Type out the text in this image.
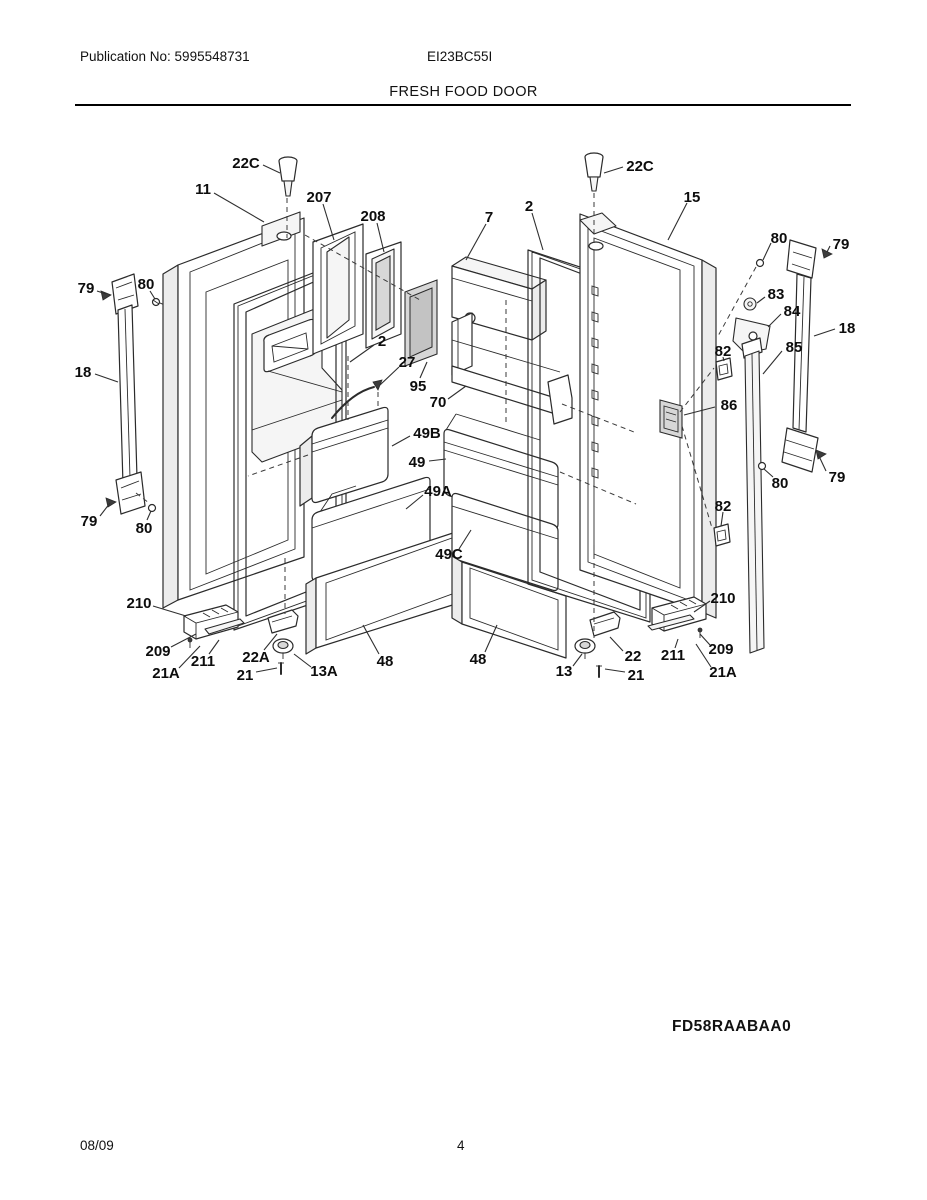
Publication No: 5995548731	EI23BC55I
FRESH FOOD DOOR
FD58RAABAA0
08/09	4
22C
11	207
208	7
2
22C
15
80	79
83
84
18
82	85
86
79	80
18
79	80
2
27
95
70
49B
49
49A
49C
210
209
211
21A
22A
21	13A
48	48
13
22
21
211 209
210
21A
82
80	79
